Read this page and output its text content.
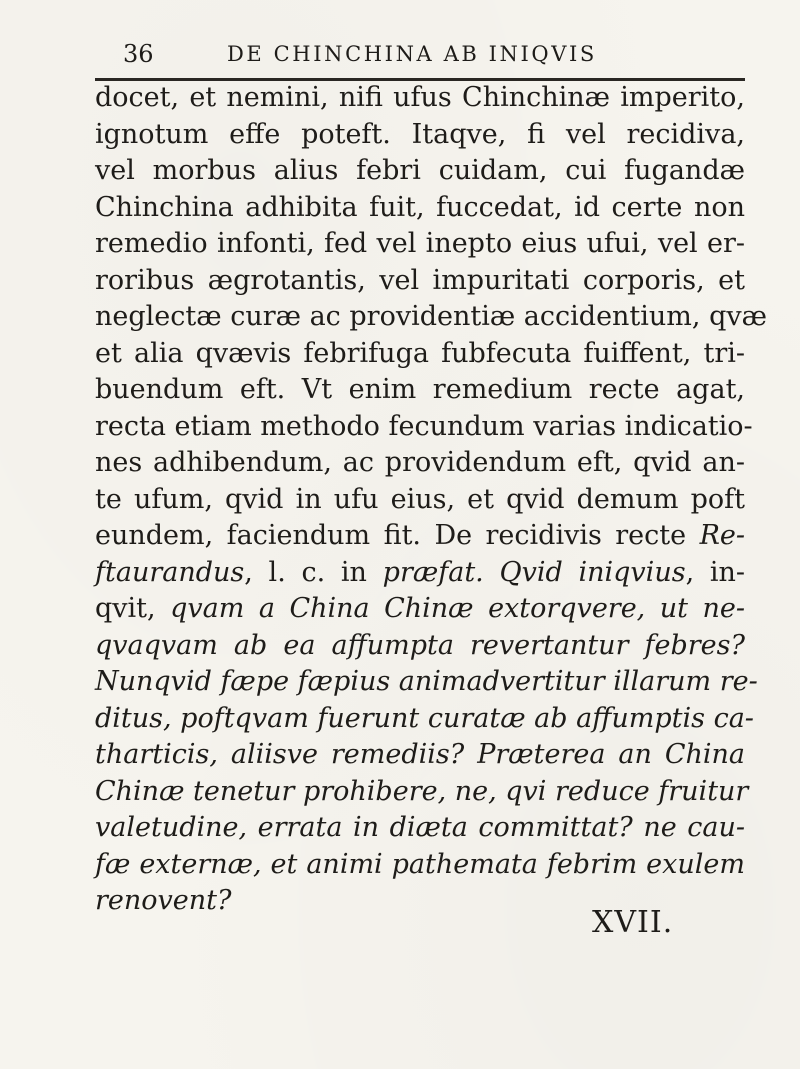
36	DE CHINCHINA AB INIQVIS
docet, et nemini, nifi ufus Chinchinæ imperito,
ignotum effe poteft. Itaqve, fi vel recidiva,
vel morbus alius febri cuidam, cui fugandæ
Chinchina adhibita fuit, fuccedat, id certe non
remedio infonti, fed vel inepto eius ufui, vel er-
roribus ægrotantis, vel impuritati corporis, et
neglectæ curæ ac providentiæ accidentium, qvæ
et alia qvævis febrifuga fubfecuta fuiffent, tri-
buendum eft. Vt enim remedium recte agat,
recta etiam methodo fecundum varias indicatio-
nes adhibendum, ac providendum eft, qvid an-
te ufum, qvid in ufu eius, et qvid demum poft
eundem, faciendum fit. De recidivis recte Re-
ftaurandus, l. c. in præfat. Qvid iniqvius, in-
qvit, qvam a China Chinæ extorqvere, ut ne-
qvaqvam ab ea affumpta revertantur febres?
Nunqvid fæpe fæpius animadvertitur illarum re-
ditus, poftqvam fuerunt curatæ ab affumptis ca-
tharticis, aliisve remediis? Præterea an China
Chinæ tenetur prohibere, ne, qvi reduce fruitur
valetudine, errata in diæta committat? ne cau-
fæ externæ, et animi pathemata febrim exulem
renovent?
XVII.
